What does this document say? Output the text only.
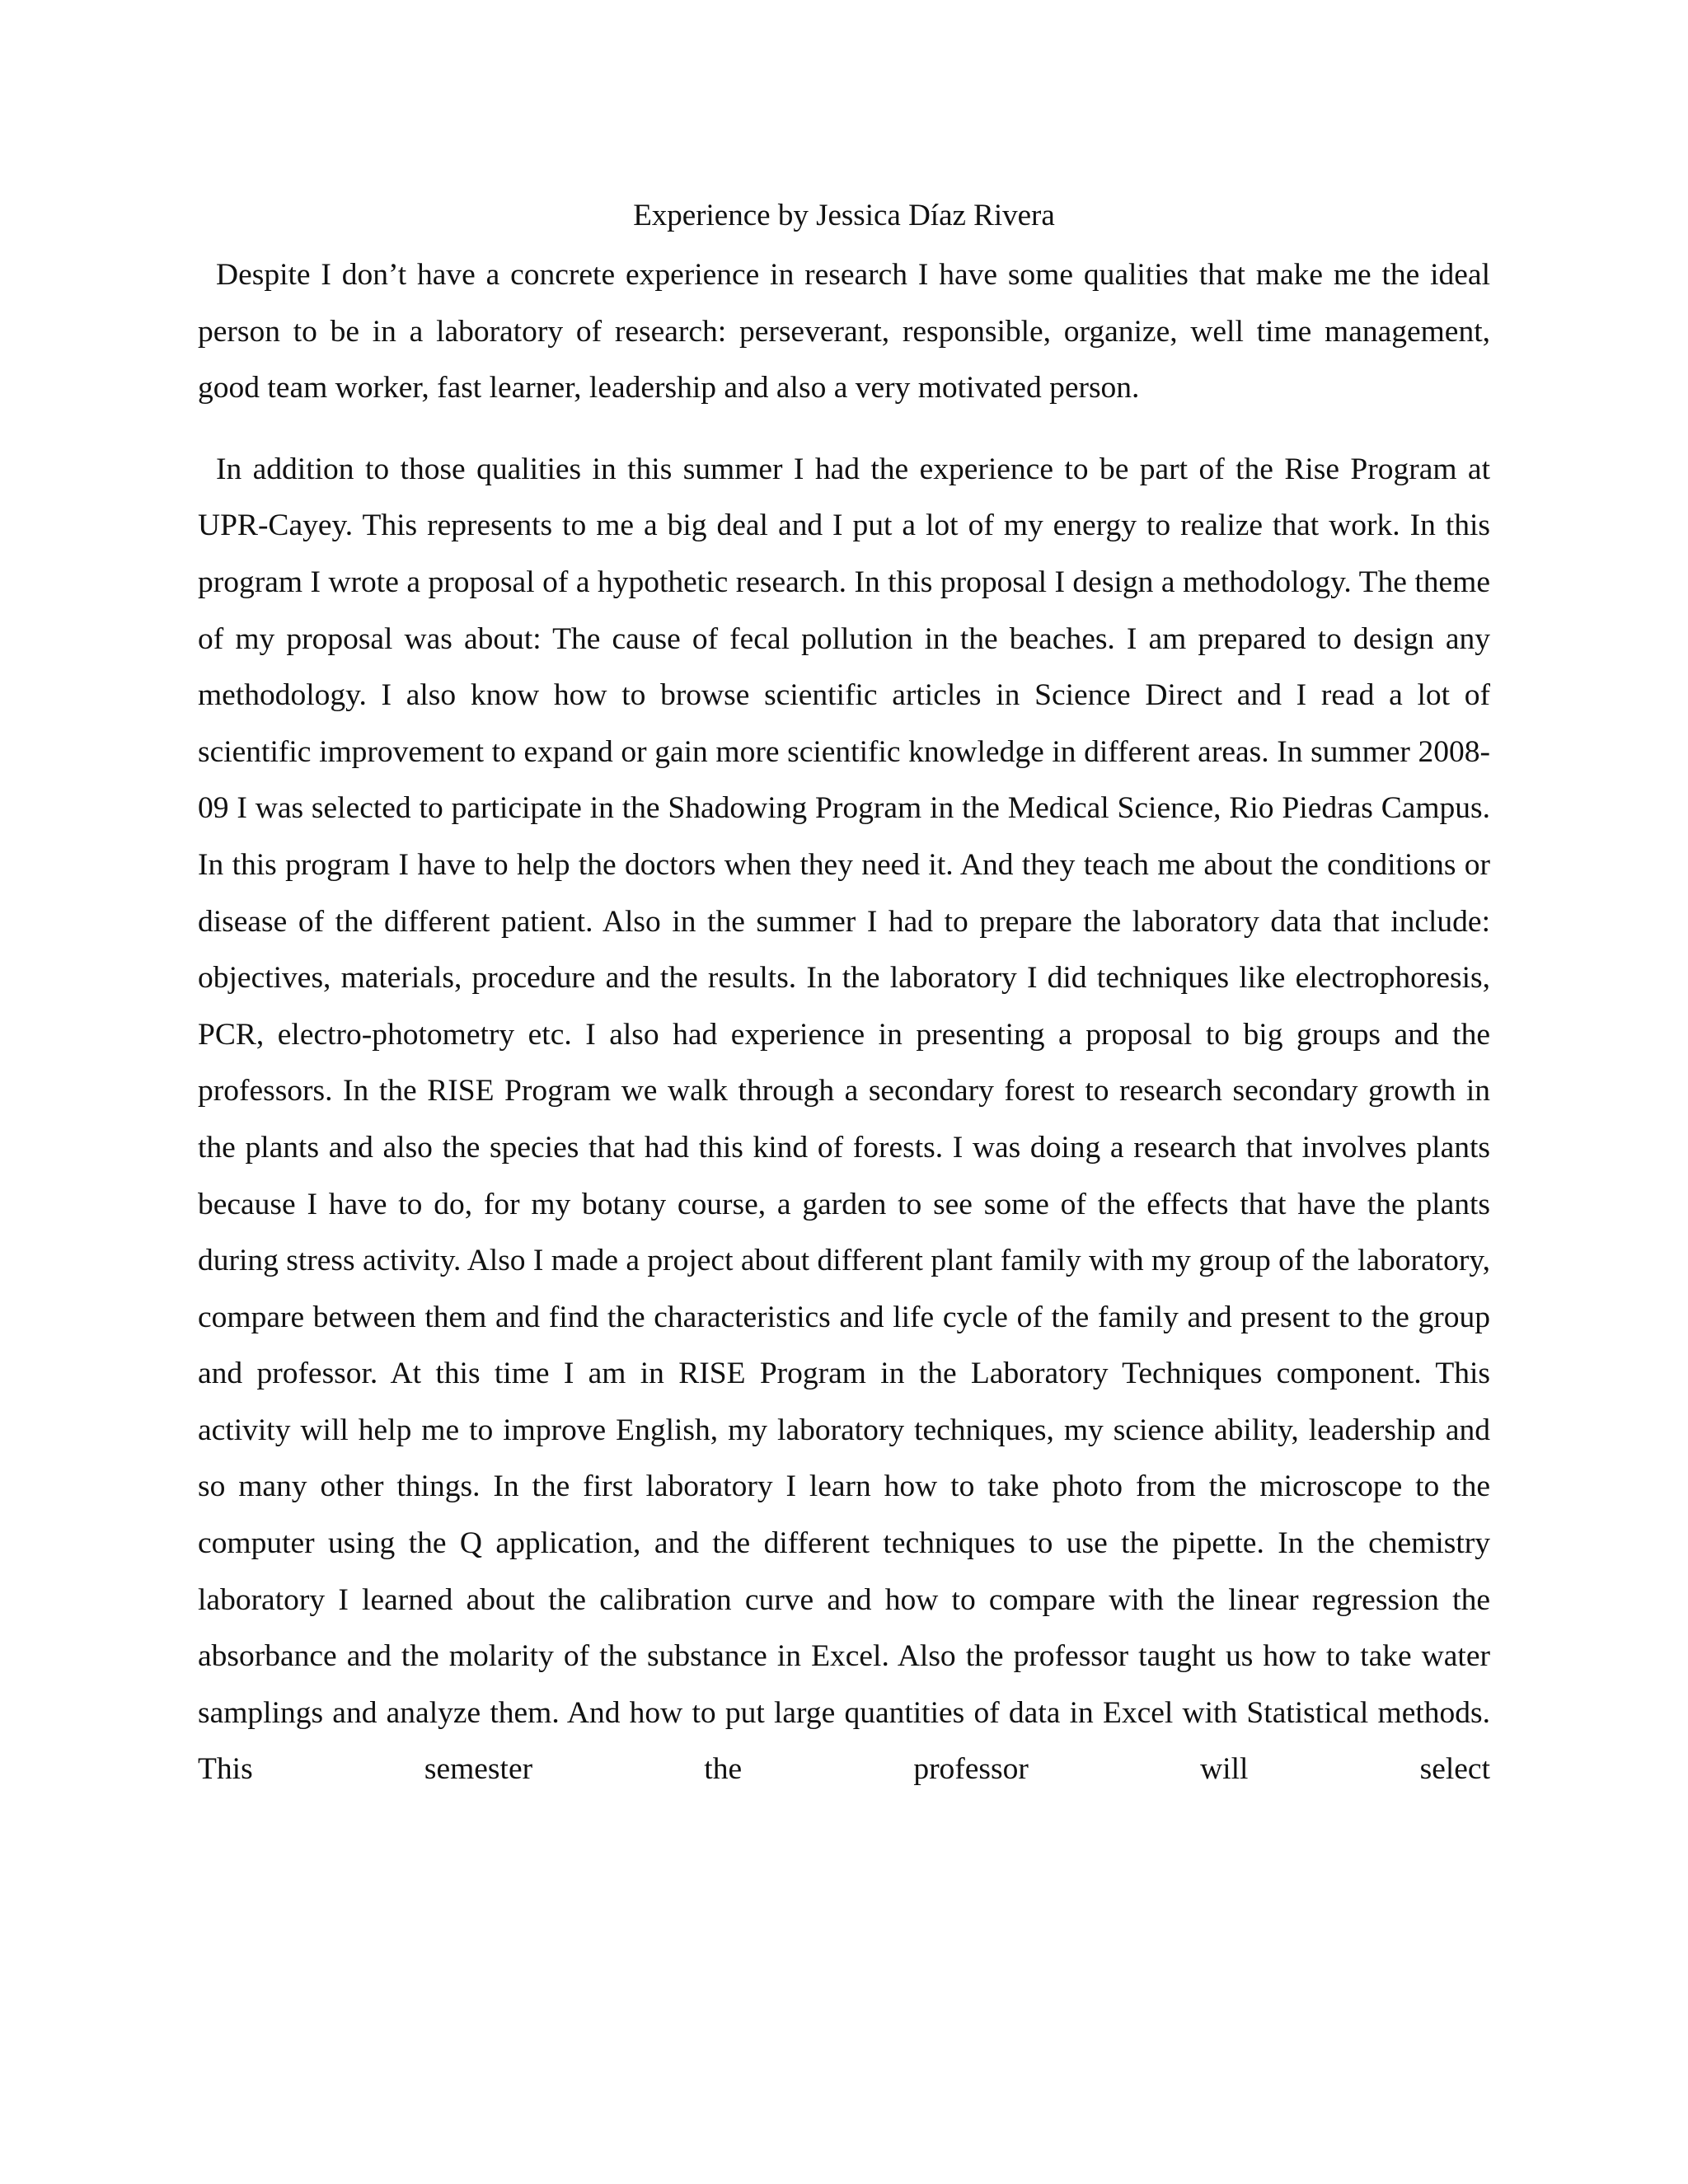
Experience by Jessica Díaz Rivera

Despite I don’t have a concrete experience in research I have some qualities that make me the ideal person to be in a laboratory of research: perseverant, responsible, organize, well time management, good team worker, fast learner, leadership and also a very motivated person.

In addition to those qualities in this summer I had the experience to be part of the Rise Program at UPR-Cayey. This represents to me a big deal and I put a lot of my energy to realize that work. In this program I wrote a proposal of a hypothetic research. In this proposal I design a methodology. The theme of my proposal was about: The cause of fecal pollution in the beaches. I am prepared to design any methodology. I also know how to browse scientific articles in Science Direct and I read a lot of scientific improvement to expand or gain more scientific knowledge in different areas. In summer 2008-09 I was selected to participate in the Shadowing Program in the Medical Science, Rio Piedras Campus. In this program I have to help the doctors when they need it. And they teach me about the conditions or disease of the different patient. Also in the summer I had to prepare the laboratory data that include: objectives, materials, procedure and the results. In the laboratory I did techniques like electrophoresis, PCR, electro-photometry etc. I also had experience in presenting a proposal to big groups and the professors. In the RISE Program we walk through a secondary forest to research secondary growth in the plants and also the species that had this kind of forests. I was doing a research that involves plants because I have to do, for my botany course, a garden to see some of the effects that have the plants during stress activity. Also I made a project about different plant family with my group of the laboratory, compare between them and find the characteristics and life cycle of the family and present to the group and professor. At this time I am in RISE Program in the Laboratory Techniques component. This activity will help me to improve English, my laboratory techniques, my science ability, leadership and so many other things. In the first laboratory I learn how to take photo from the microscope to the computer using the Q application, and the different techniques to use the pipette. In the chemistry laboratory I learned about the calibration curve and how to compare with the linear regression the absorbance and the molarity of the substance in Excel. Also the professor taught us how to take water samplings and analyze them. And how to put large quantities of data in Excel with Statistical methods. This semester the professor will select
